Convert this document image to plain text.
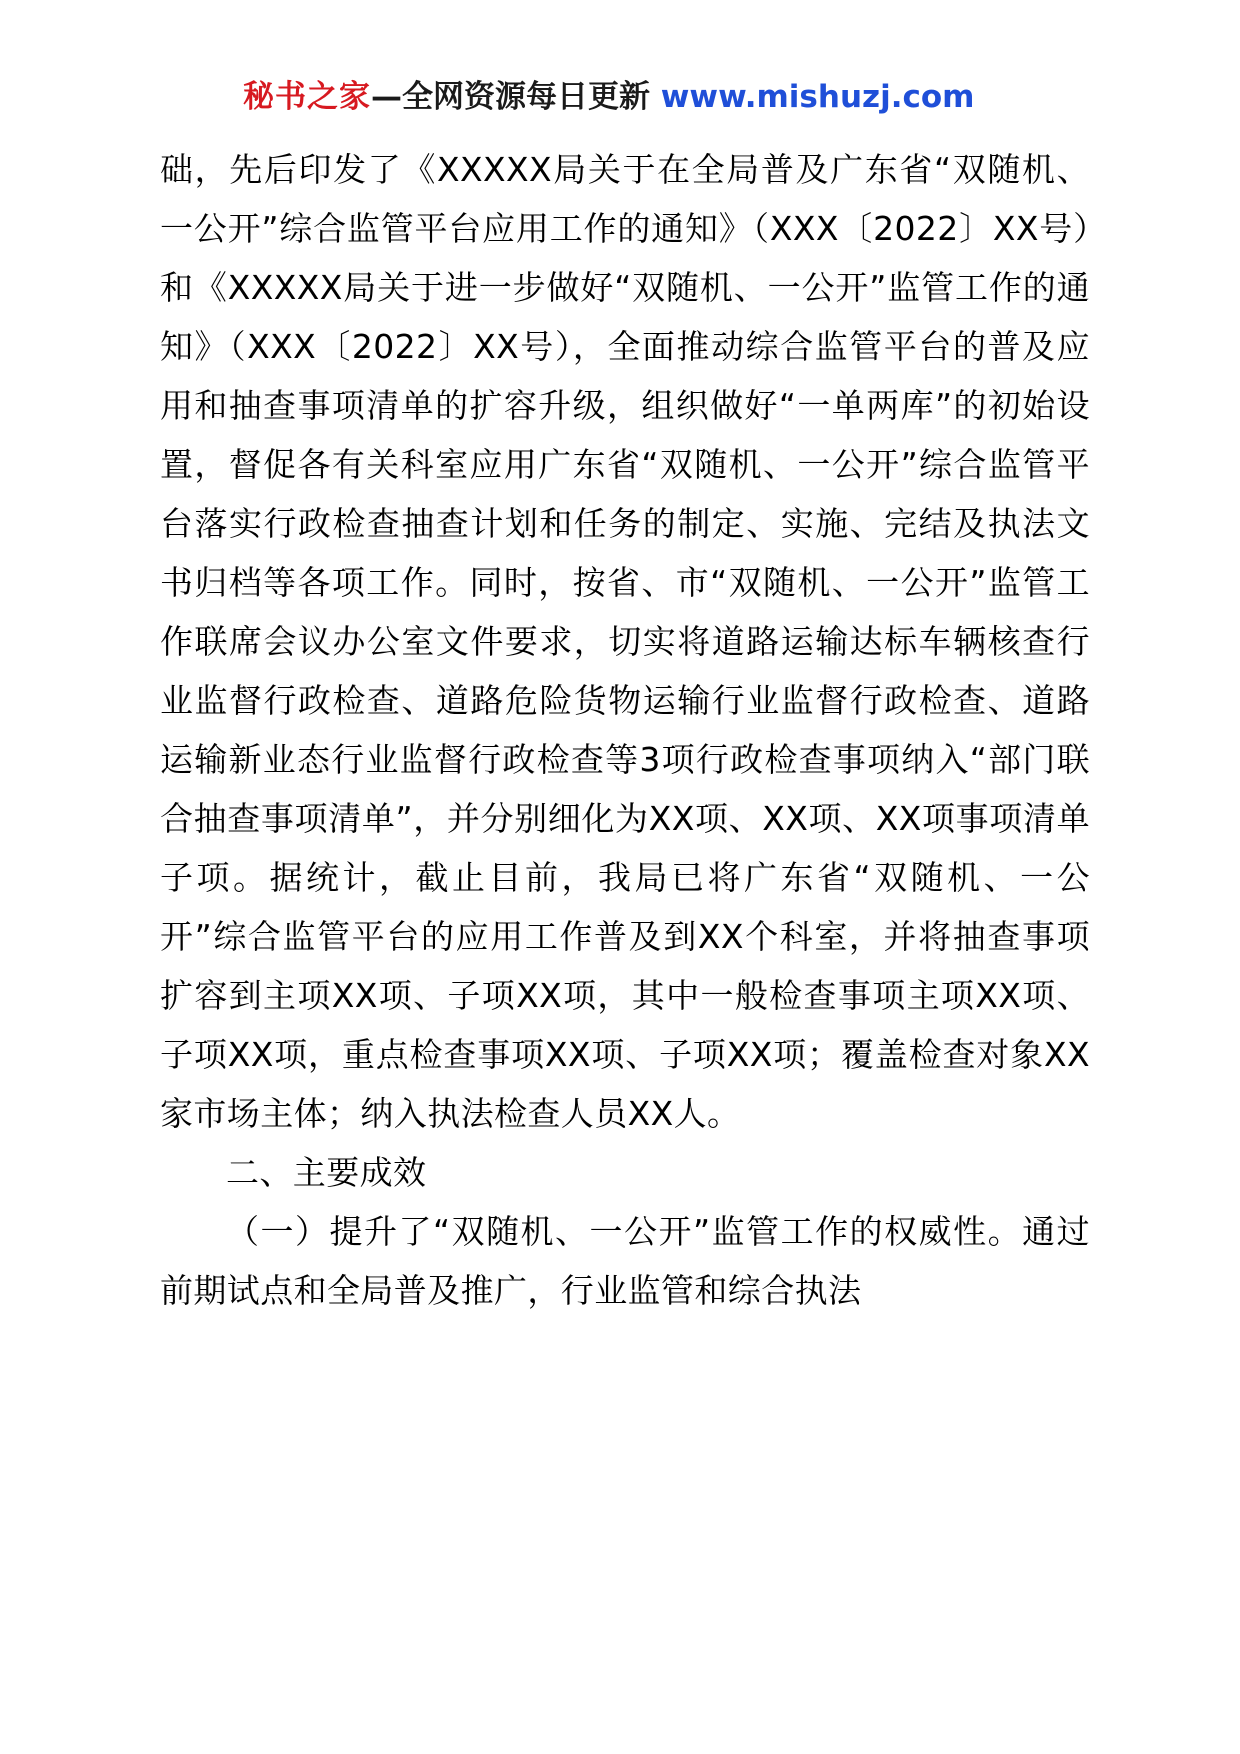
秘书之家—全网资源每日更新 www.mishuzj.com

础，先后印发了《XXXXX局关于在全局普及广东省“双随机、一公开”综合监管平台应用工作的通知》（XXX〔2022〕XX号）和《XXXXX局关于进一步做好“双随机、一公开”监管工作的通知》（XXX〔2022〕XX号），全面推动综合监管平台的普及应用和抽查事项清单的扩容升级，组织做好“一单两库”的初始设置，督促各有关科室应用广东省“双随机、一公开”综合监管平台落实行政检查抽查计划和任务的制定、实施、完结及执法文书归档等各项工作。同时，按省、市“双随机、一公开”监管工作联席会议办公室文件要求，切实将道路运输达标车辆核查行业监督行政检查、道路危险货物运输行业监督行政检查、道路运输新业态行业监督行政检查等3项行政检查事项纳入“部门联合抽查事项清单”，并分别细化为XX项、XX项、XX项事项清单子项。据统计，截止目前，我局已将广东省“双随机、一公开”综合监管平台的应用工作普及到XX个科室，并将抽查事项扩容到主项XX项、子项XX项，其中一般检查事项主项XX项、子项XX项，重点检查事项XX项、子项XX项；覆盖检查对象XX家市场主体；纳入执法检查人员XX人。

二、主要成效

（一）提升了“双随机、一公开”监管工作的权威性。通过前期试点和全局普及推广，行业监管和综合执法
